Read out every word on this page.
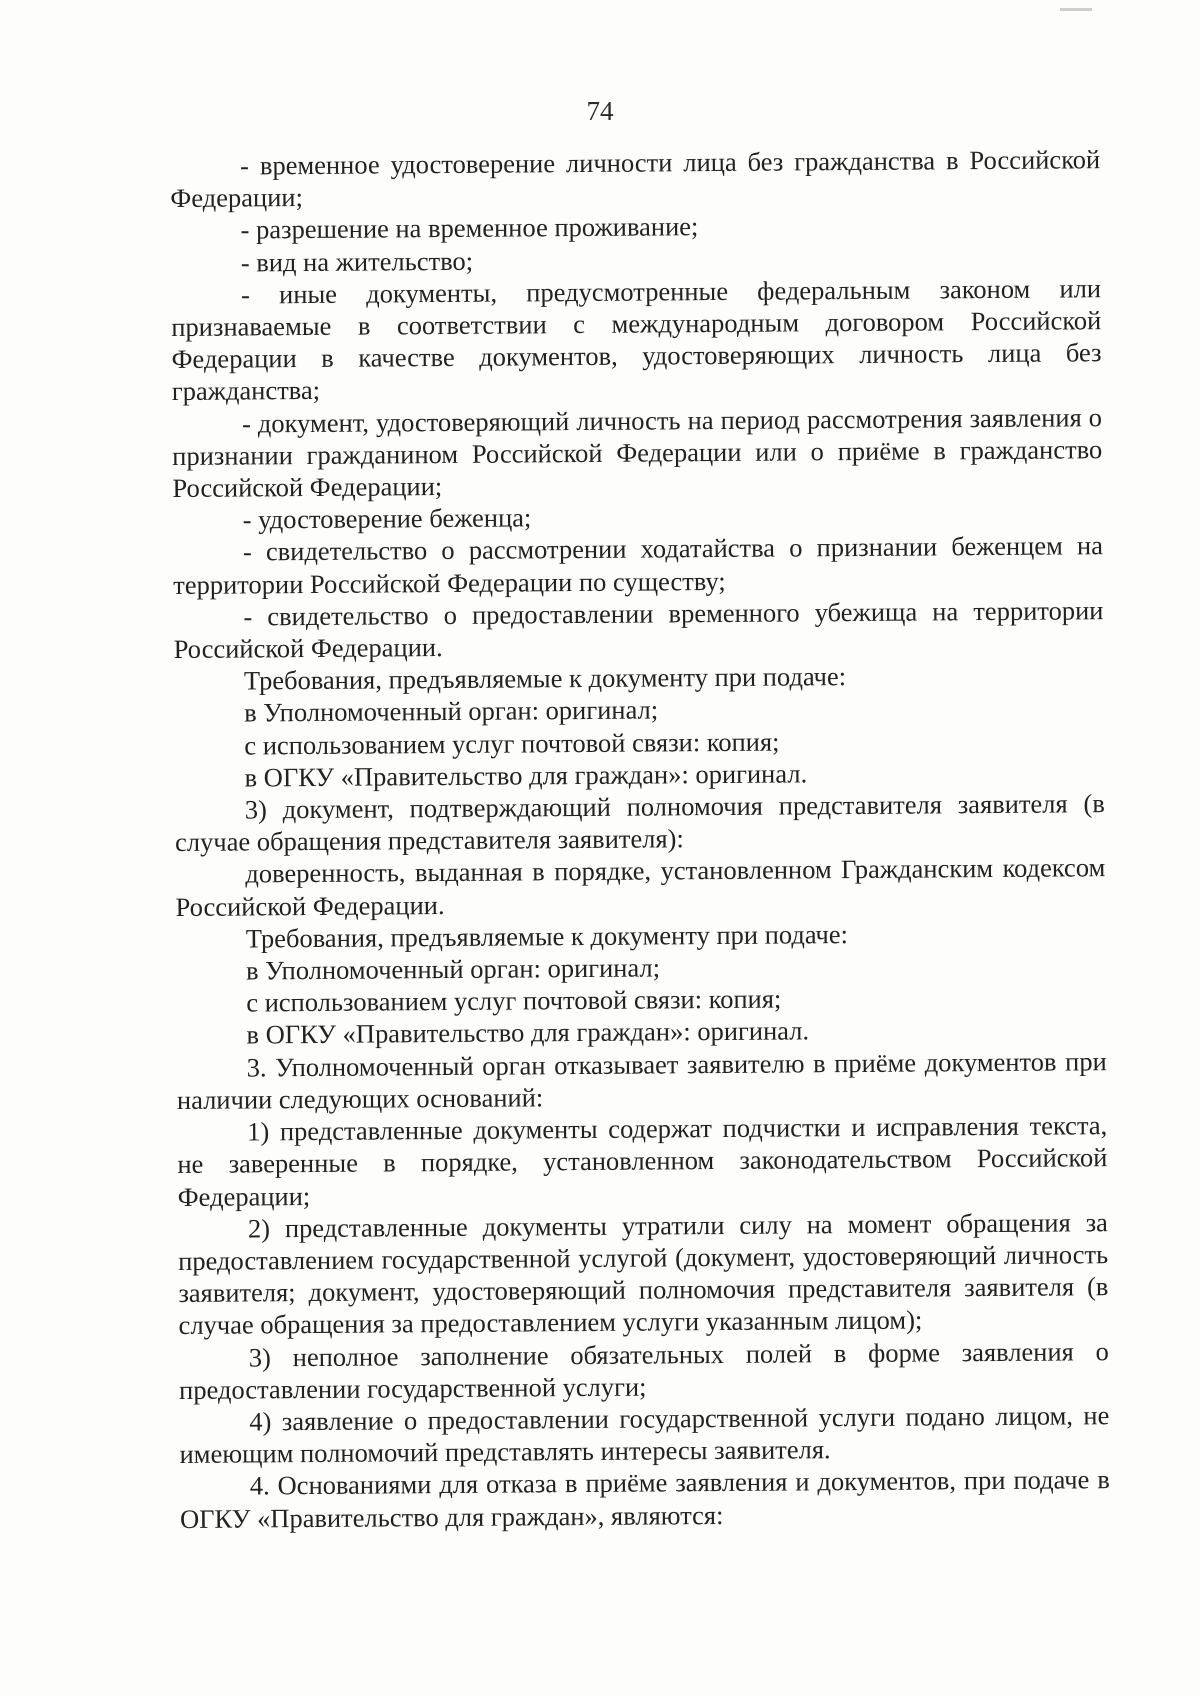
74

- временное удостоверение личности лица без гражданства в Российской Федерации;

- разрешение на временное проживание;

- вид на жительство;

- иные документы, предусмотренные федеральным законом или признаваемые в соответствии с международным договором Российской Федерации в качестве документов, удостоверяющих личность лица без гражданства;

- документ, удостоверяющий личность на период рассмотрения заявления о признании гражданином Российской Федерации или о приёме в гражданство Российской Федерации;

- удостоверение беженца;

- свидетельство о рассмотрении ходатайства о признании беженцем на территории Российской Федерации по существу;

- свидетельство о предоставлении временного убежища на территории Российской Федерации.

Требования, предъявляемые к документу при подаче:

в Уполномоченный орган: оригинал;

с использованием услуг почтовой связи: копия;

в ОГКУ «Правительство для граждан»: оригинал.

3) документ, подтверждающий полномочия представителя заявителя (в случае обращения представителя заявителя):

доверенность, выданная в порядке, установленном Гражданским кодексом Российской Федерации.

Требования, предъявляемые к документу при подаче:

в Уполномоченный орган: оригинал;

с использованием услуг почтовой связи: копия;

в ОГКУ «Правительство для граждан»: оригинал.

3. Уполномоченный орган отказывает заявителю в приёме документов при наличии следующих оснований:

1) представленные документы содержат подчистки и исправления текста, не заверенные в порядке, установленном законодательством Российской Федерации;

2) представленные документы утратили силу на момент обращения за предоставлением государственной услугой (документ, удостоверяющий личность заявителя; документ, удостоверяющий полномочия представителя заявителя (в случае обращения за предоставлением услуги указанным лицом);

3) неполное заполнение обязательных полей в форме заявления о предоставлении государственной услуги;

4) заявление о предоставлении государственной услуги подано лицом, не имеющим полномочий представлять интересы заявителя.

4. Основаниями для отказа в приёме заявления и документов, при подаче в ОГКУ «Правительство для граждан», являются:
